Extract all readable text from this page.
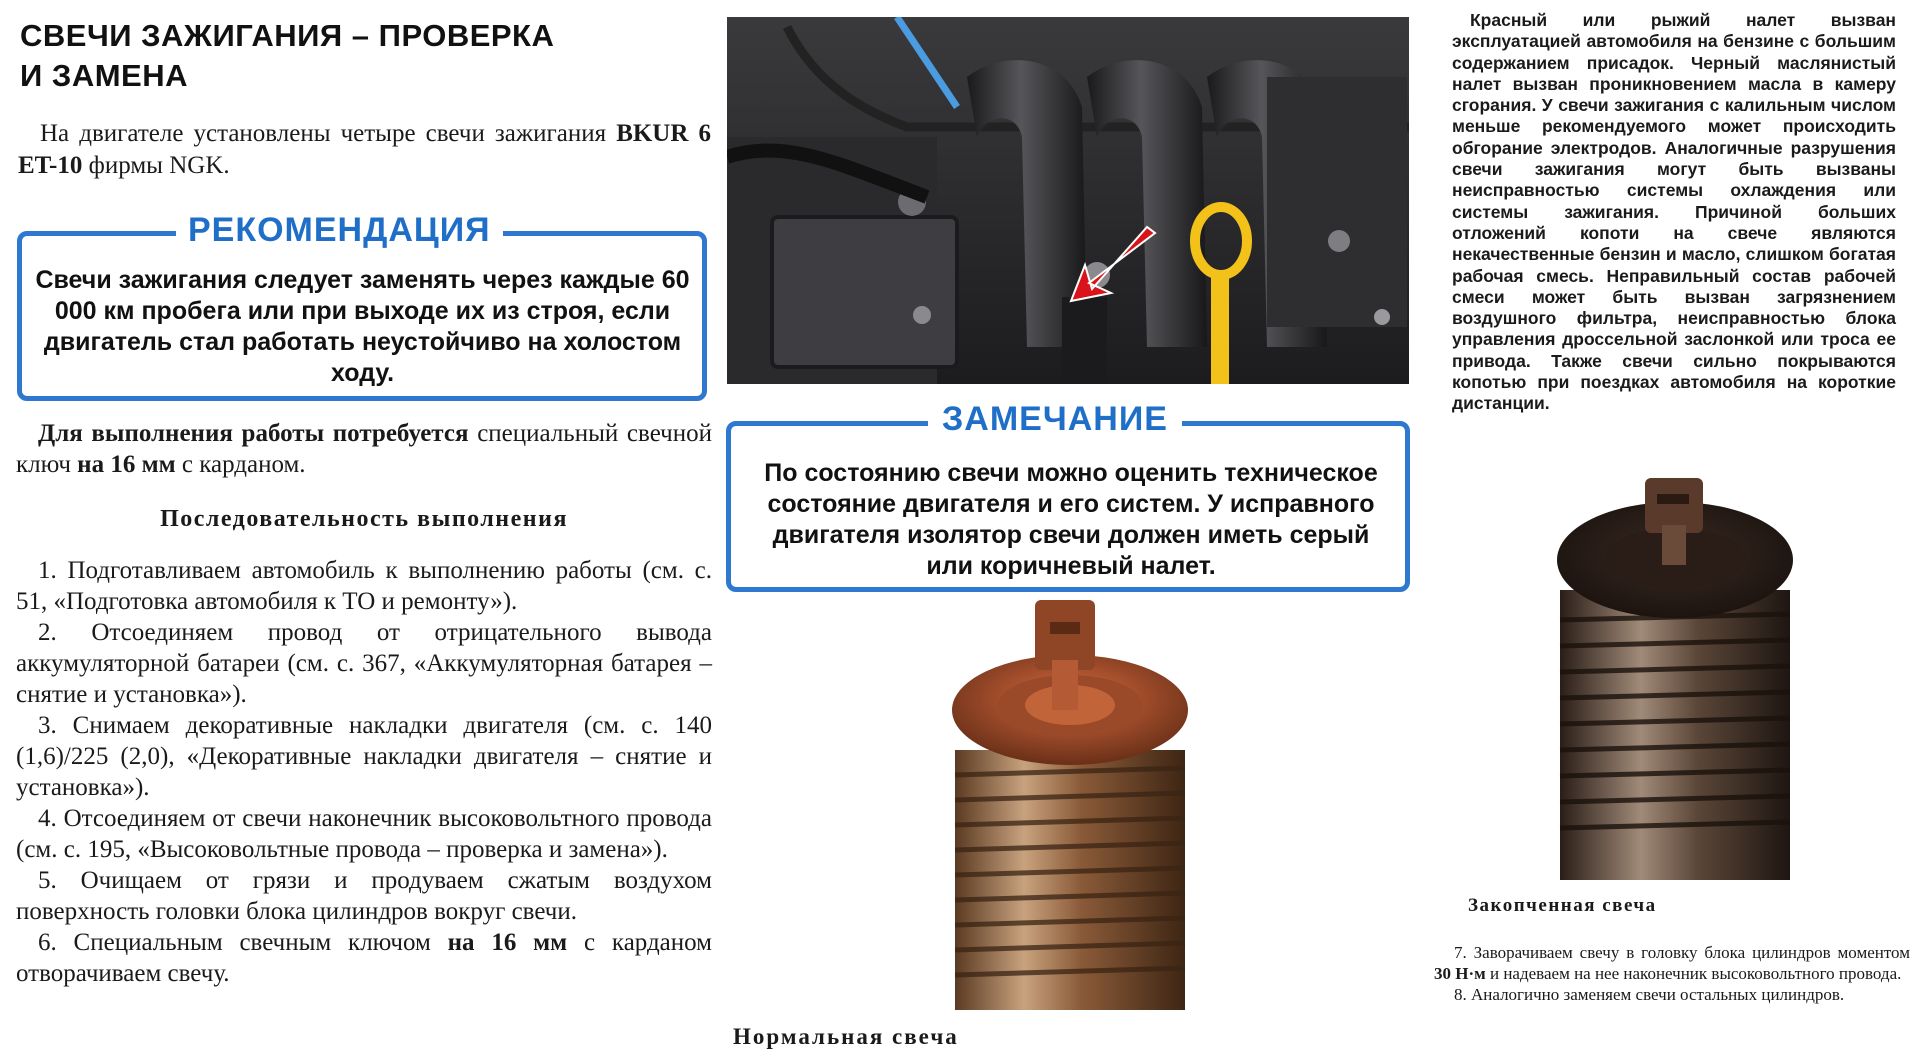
СВЕЧИ ЗАЖИГАНИЯ – ПРОВЕРКА
И ЗАМЕНА

На двигателе установлены четыре свечи зажигания BKUR 6 ET-10 фирмы NGK.

РЕКОМЕНДАЦИЯ
Свечи зажигания следует заменять через каждые 60 000 км пробега или при выходе их из строя, если двигатель стал работать неустойчиво на холостом ходу.

Для выполнения работы потребуется специальный свечной ключ на 16 мм с карданом.

Последовательность выполнения

1. Подготавливаем автомобиль к выполнению работы (см. с. 51, «Подготовка автомобиля к ТО и ремонту»).

2. Отсоединяем провод от отрицательного вывода аккумуляторной батареи (см. с. 367, «Аккумуляторная батарея – снятие и установка»).

3. Снимаем декоративные накладки двигателя (см. с. 140 (1,6)/225 (2,0), «Декоративные накладки двигателя – снятие и установка»).

4. Отсоединяем от свечи наконечник высоковольтного провода (см. с. 195, «Высоковольтные провода – проверка и замена»).

5. Очищаем от грязи и продуваем сжатым воздухом поверхность головки блока цилиндров вокруг свечи.

6. Специальным свечным ключом на 16 мм с карданом отворачиваем свечу.

ЗАМЕЧАНИЕ
По состоянию свечи можно оценить техническое состояние двигателя и его систем. У исправного двигателя изолятор свечи должен иметь серый или коричневый налет.
Нормальная свеча
Красный или рыжий налет вызван эксплуатацией автомобиля на бензине с большим содержанием присадок. Черный маслянистый налет вызван проникновением масла в камеру сгорания. У свечи зажигания с калильным числом меньше рекомендуемого может происходить обгорание электродов. Аналогичные разрушения свечи зажигания могут быть вызваны неисправностью системы охлаждения или системы зажигания. Причиной больших отложений копоти на свече являются некачественные бензин и масло, слишком богатая рабочая смесь. Неправильный состав рабочей смеси может быть вызван загрязнением воздушного фильтра, неисправностью блока управления дроссельной заслонкой или троса ее привода. Также свечи сильно покрываются копотью при поездках автомобиля на короткие дистанции.
Закопченная свеча

7. Заворачиваем свечу в головку блока цилиндров моментом 30 Н·м и надеваем на нее наконечник высоковольтного провода.

8. Аналогично заменяем свечи остальных цилиндров.
